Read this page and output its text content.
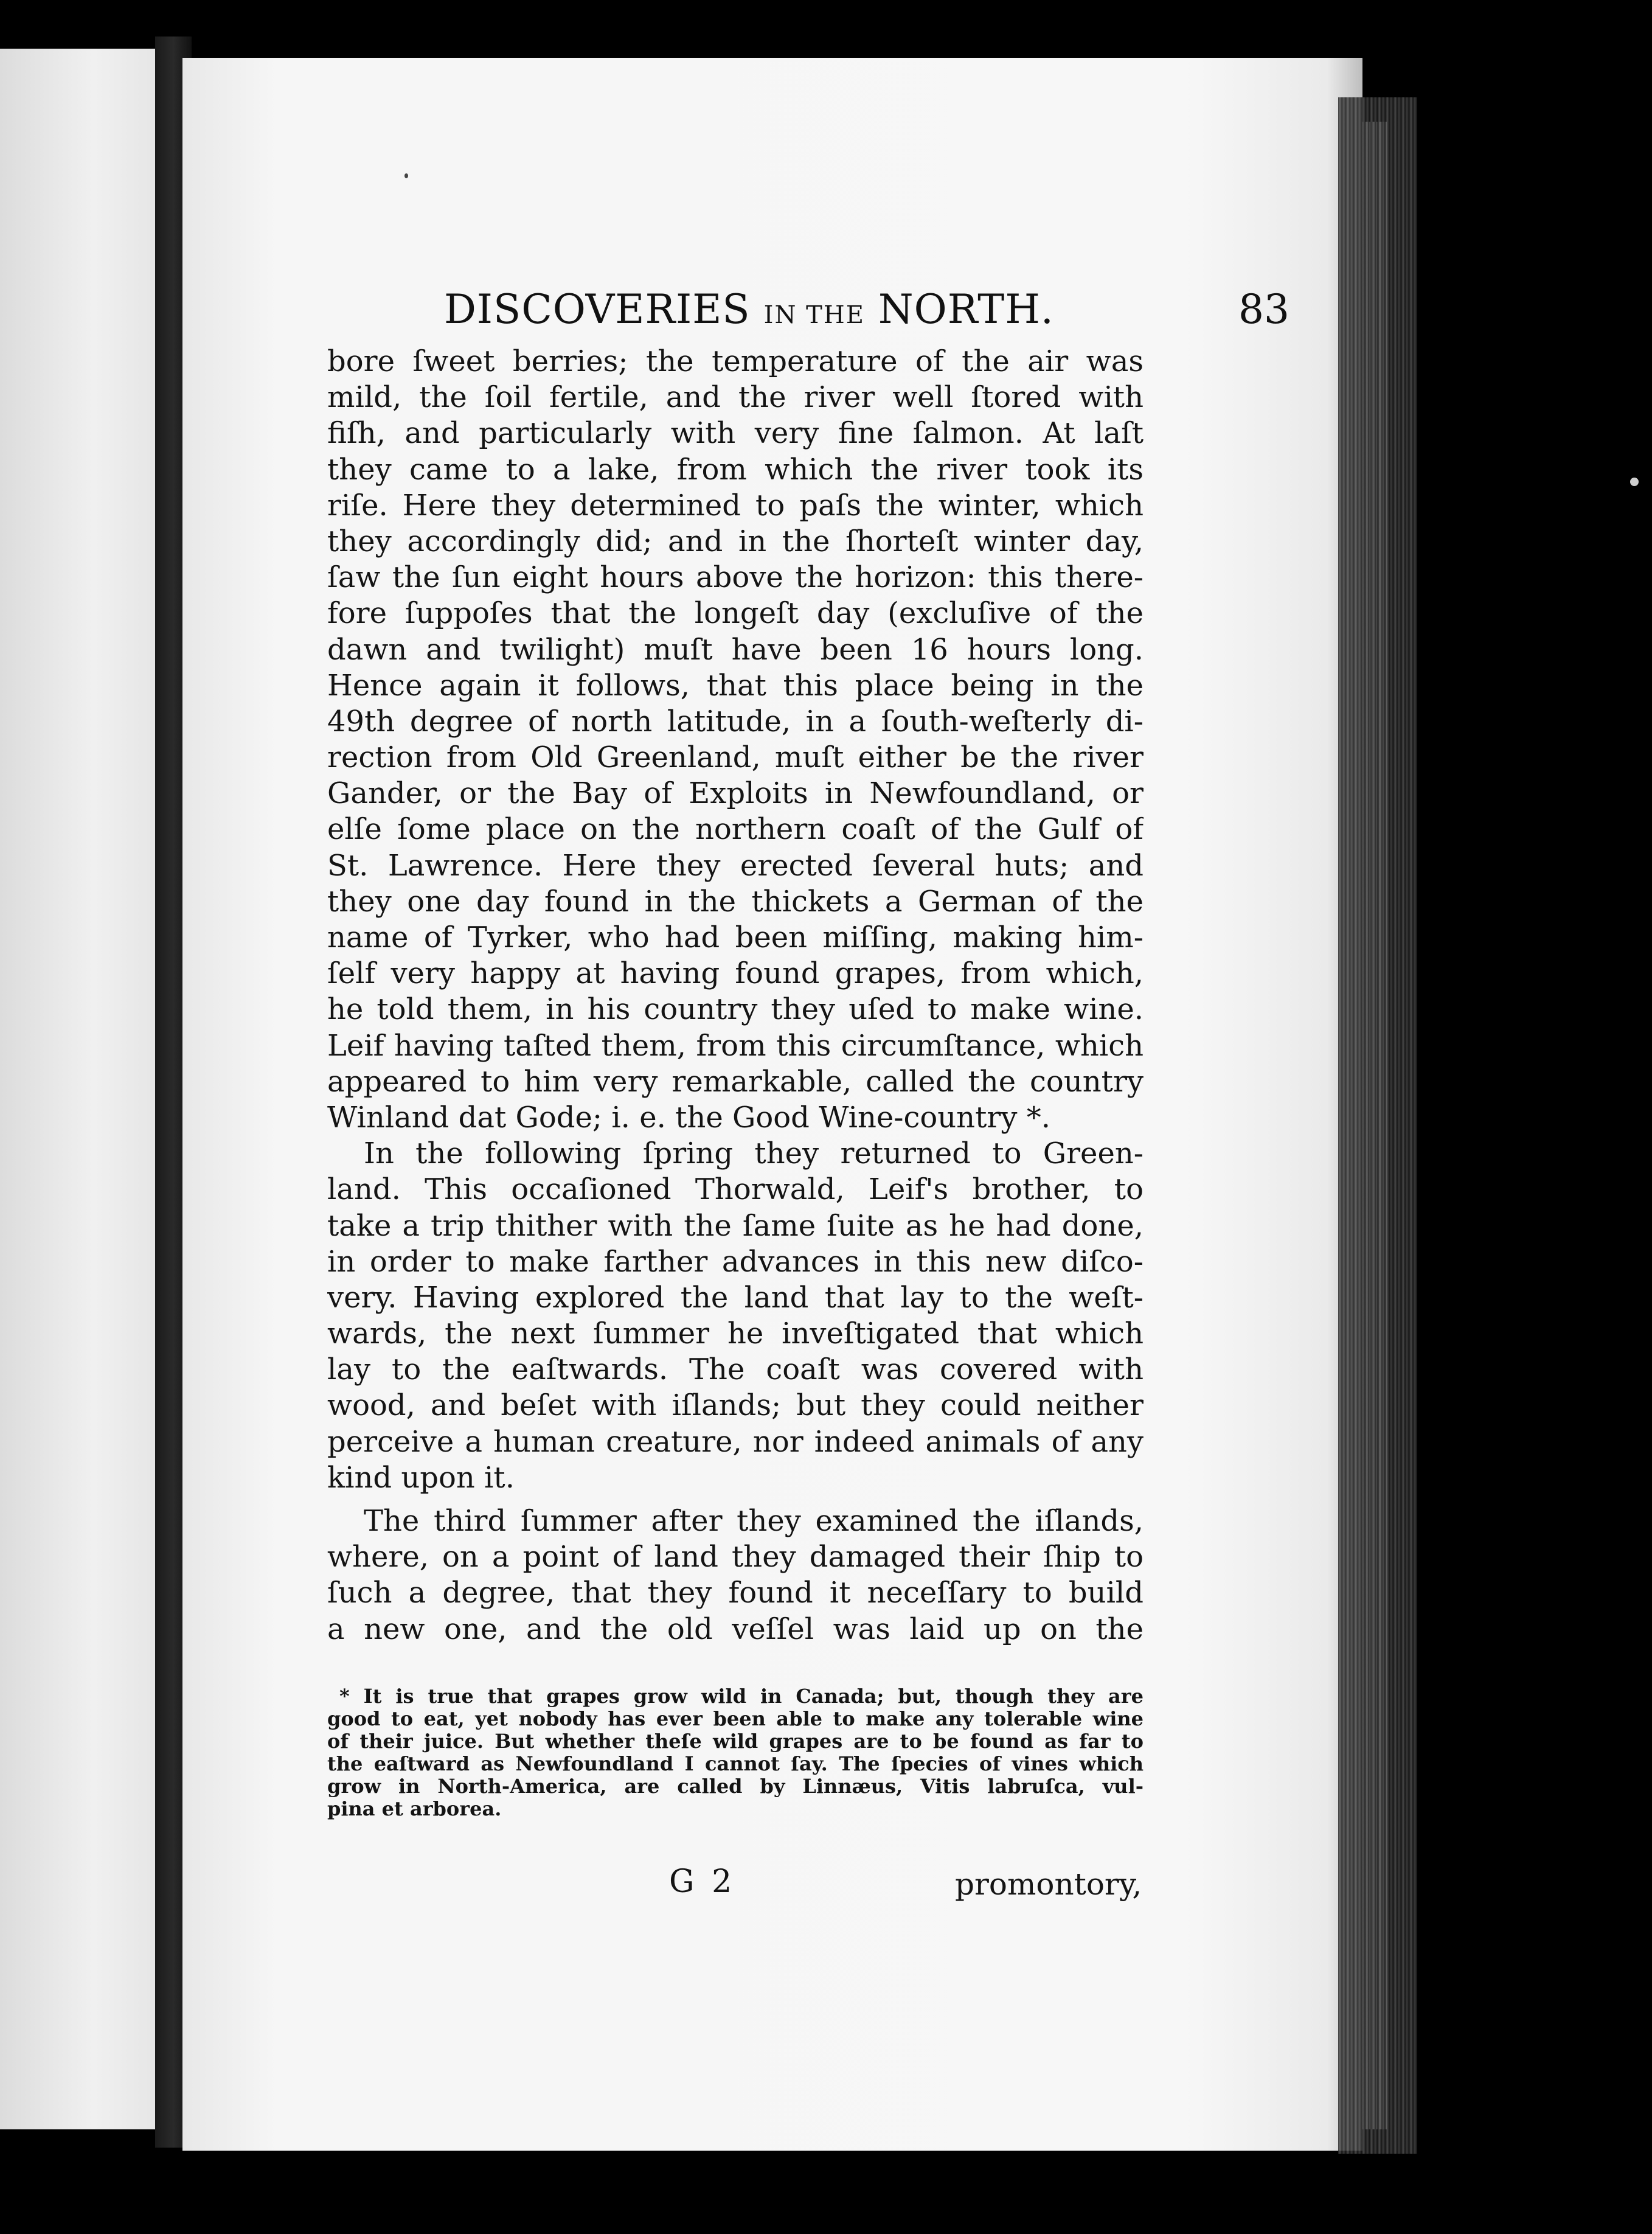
DISCOVERIES IN THE NORTH.	83
bore ſweet berries; the temperature of the air was
mild, the ſoil fertile, and the river well ſtored with
fiſh, and particularly with very fine ſalmon. At laſt
they came to a lake, from which the river took its
riſe. Here they determined to paſs the winter, which
they accordingly did; and in the ſhorteſt winter day,
ſaw the ſun eight hours above the horizon: this there-
fore ſuppoſes that the longeſt day (excluſive of the
dawn and twilight) muſt have been 16 hours long.
Hence again it follows, that this place being in the
49th degree of north latitude, in a ſouth-weſterly di-
rection from Old Greenland, muſt either be the river
Gander, or the Bay of Exploits in Newfoundland, or
elſe ſome place on the northern coaſt of the Gulf of
St. Lawrence. Here they erected ſeveral huts; and
they one day found in the thickets a German of the
name of Tyrker, who had been miſſing, making him-
ſelf very happy at having found grapes, from which,
he told them, in his country they uſed to make wine.
Leif having taſted them, from this circumſtance, which
appeared to him very remarkable, called the country
Winland dat Gode; i. e. the Good Wine-country *.
In the following ſpring they returned to Green-
land. This occaſioned Thorwald, Leif's brother, to
take a trip thither with the ſame ſuite as he had done,
in order to make farther advances in this new diſco-
very. Having explored the land that lay to the weſt-
wards, the next ſummer he inveſtigated that which
lay to the eaſtwards. The coaſt was covered with
wood, and beſet with iſlands; but they could neither
perceive a human creature, nor indeed animals of any
kind upon it.
The third ſummer after they examined the iſlands,
where, on a point of land they damaged their ſhip to
ſuch a degree, that they found it neceſſary to build
a new one, and the old veſſel was laid up on the
* It is true that grapes grow wild in Canada; but, though they are
good to eat, yet nobody has ever been able to make any tolerable wine
of their juice. But whether theſe wild grapes are to be found as far to
the eaſtward as Newfoundland I cannot ſay. The ſpecies of vines which
grow in North-America, are called by Linnæus, Vitis labruſca, vul-
pina et arborea.
G 2	promontory,
